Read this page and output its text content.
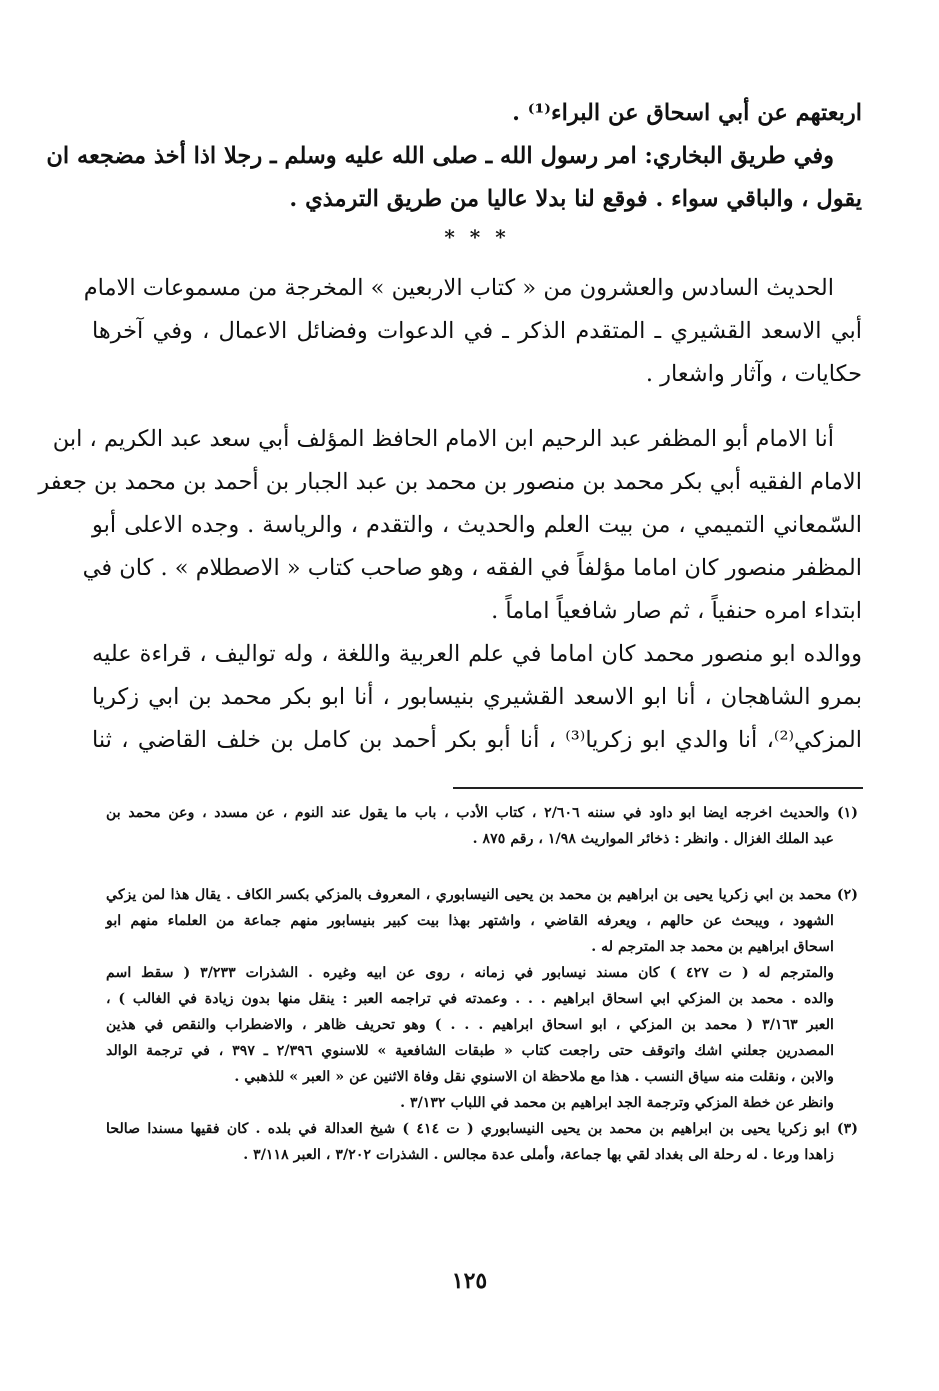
اربعتهم عن أبي اسحاق عن البراء⁽¹⁾ .
وفي طريق البخاري: امر رسول الله ـ صلى الله عليه وسلم ـ رجلا اذا أخذ مضجعه ان
يقول ، والباقي سواء . فوقع لنا بدلا عاليا من طريق الترمذي .
* * *
الحديث السادس والعشرون من « كتاب الاربعين » المخرجة من مسموعات الامام
أبي الاسعد القشيري ـ المتقدم الذكر ـ في الدعوات وفضائل الاعمال ، وفي آخرها
حكايات ، وآثار واشعار .
أنا الامام أبو المظفر عبد الرحيم ابن الامام الحافظ المؤلف أبي سعد عبد الكريم ، ابن
الامام الفقيه أبي بكر محمد بن منصور بن محمد بن عبد الجبار بن أحمد بن محمد بن جعفر
السّمعاني التميمي ، من بيت العلم والحديث ، والتقدم ، والرياسة . وجده الاعلى أبو
المظفر منصور كان اماما مؤلفاً في الفقه ، وهو صاحب كتاب « الاصطلام » . كان في
ابتداء امره حنفياً ، ثم صار شافعياً اماماً .
ووالده ابو منصور محمد كان اماما في علم العربية واللغة ، وله تواليف ، قراءة عليه
بمرو الشاهجان ، أنا ابو الاسعد القشيري بنيسابور ، أنا ابو بكر محمد بن ابي زكريا
المزكي⁽²⁾، أنا والدي ابو زكريا⁽³⁾ ، أنا أبو بكر أحمد بن كامل بن خلف القاضي ، ثنا
(١) والحديث اخرجه ايضا ابو داود في سننه ٢/٦٠٦ ، كتاب الأدب ، باب ما يقول عند النوم ، عن مسدد ، وعن محمد بن
عبد الملك الغزال . وانظر : ذخائر المواريث ١/٩٨ ، رقم ٨٧٥ .
(٢) محمد بن ابي زكريا يحيى بن ابراهيم بن محمد بن يحيى النيسابوري ، المعروف بالمزكي بكسر الكاف . يقال هذا لمن يزكي
الشهود ، ويبحث عن حالهم ، ويعرفه القاضي ، واشتهر بهذا بيت كبير بنيسابور منهم جماعة من العلماء منهم ابو
اسحاق ابراهيم بن محمد جد المترجم له .
والمترجم له ( ت ٤٢٧ ) كان مسند نيسابور في زمانه ، روى عن ابيه وغيره . الشذرات ٣/٢٣٣ ( سقط اسم
والده . محمد بن المزكي ابي اسحاق ابراهيم . . . وعمدته في تراجمه العبر : ينقل منها بدون زيادة في الغالب ) ،
العبر ٣/١٦٣ ( محمد بن المزكي ، ابو اسحاق ابراهيم . . . ) وهو تحريف ظاهر ، والاضطراب والنقص في هذين
المصدرين جعلني اشك واتوقف حتى راجعت كتاب « طبقات الشافعية » للاسنوي ٢/٣٩٦ ـ ٣٩٧ ، في ترجمة الوالد
والابن ، ونقلت منه سياق النسب . هذا مع ملاحظة ان الاسنوي نقل وفاة الاثنين عن « العبر » للذهبي .
وانظر عن خطة المزكي وترجمة الجد ابراهيم بن محمد في اللباب ٣/١٣٢ .
(٣) ابو زكريا يحيى بن ابراهيم بن محمد بن يحيى النيسابوري ( ت ٤١٤ ) شيخ العدالة في بلده . كان فقيها مسندا صالحا
زاهدا ورعا . له رحلة الى بغداد لقي بها جماعة، وأملى عدة مجالس . الشذرات ٣/٢٠٢ ، العبر ٣/١١٨ .
١٢٥
